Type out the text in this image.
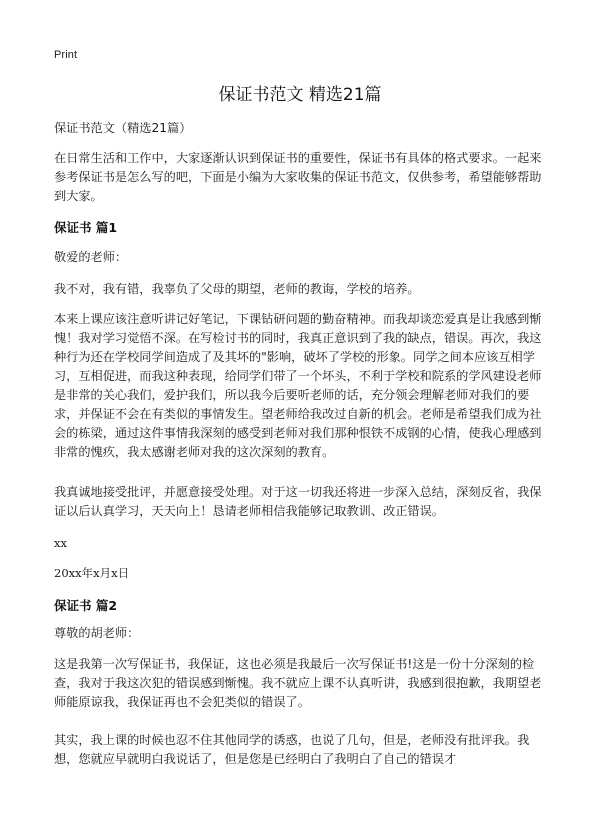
Print
保证书范文 精选21篇
保证书范文（精选21篇）
在日常生活和工作中，大家逐渐认识到保证书的重要性，保证书有具体的格式要求。一起来参考保证书是怎么写的吧，下面是小编为大家收集的保证书范文，仅供参考，希望能够帮助到大家。
保证书 篇1
敬爱的老师：
我不对，我有错，我辜负了父母的期望，老师的教诲，学校的培养。
本来上课应该注意听讲记好笔记，下课钻研问题的勤奋精神。而我却谈恋爱真是让我感到惭愧！我对学习觉悟不深。在写检讨书的同时，我真正意识到了我的缺点，错误。再次，我这种行为还在学校同学间造成了及其坏的"影响，破坏了学校的形象。同学之间本应该互相学习，互相促进，而我这种表现，给同学们带了一个坏头，不利于学校和院系的学风建设老师是非常的关心我们，爱护我们，所以我今后要听老师的话，充分领会理解老师对我们的要求，并保证不会在有类似的事情发生。望老师给我改过自新的机会。老师是希望我们成为社会的栋梁，通过这件事情我深刻的感受到老师对我们那种恨铁不成钢的心情，使我心理感到非常的愧疚，我太感谢老师对我的这次深刻的教育。
我真诚地接受批评，并愿意接受处理。对于这一切我还将进一步深入总结，深刻反省，我保证以后认真学习，天天向上！恳请老师相信我能够记取教训、改正错误。
xx
20xx年x月x日
保证书 篇2
尊敬的胡老师：
这是我第一次写保证书，我保证，这也必须是我最后一次写保证书!这是一份十分深刻的检查，我对于我这次犯的错误感到惭愧。我不就应上课不认真听讲，我感到很抱歉，我期望老师能原谅我，我保证再也不会犯类似的错误了。
其实，我上课的时候也忍不住其他同学的诱惑，也说了几句，但是，老师没有批评我。我想，您就应早就明白我说话了，但是您是已经明白了我明白了自己的错误才
